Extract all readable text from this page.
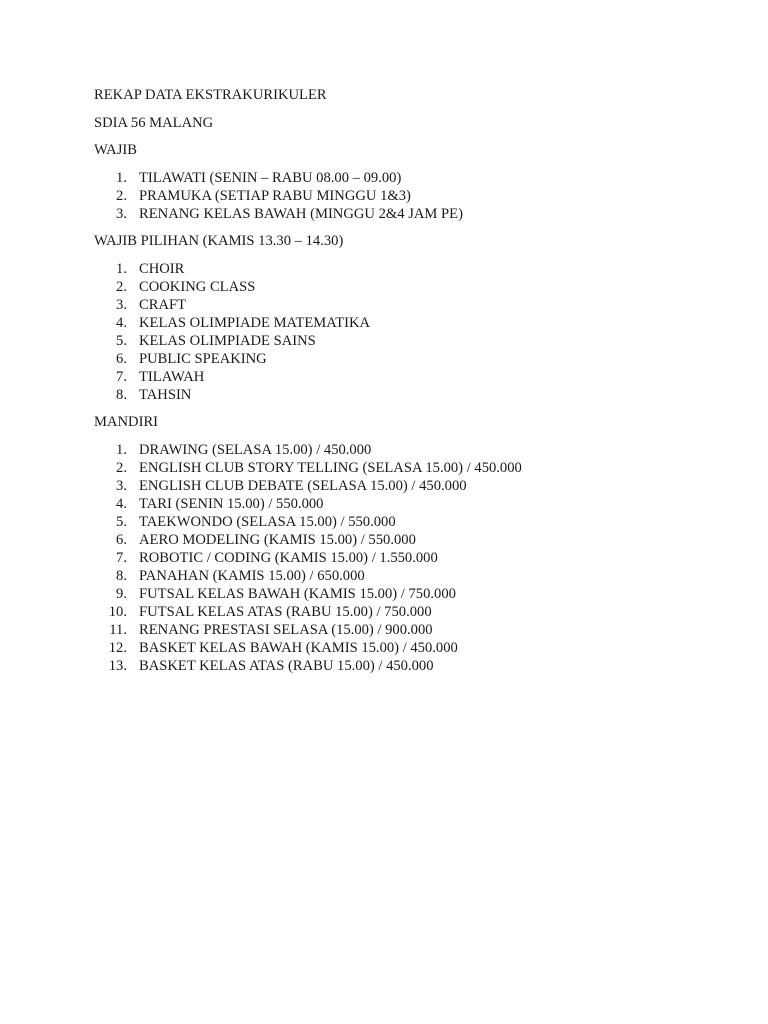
REKAP DATA EKSTRAKURIKULER

SDIA 56 MALANG

WAJIB

1. TILAWATI (SENIN – RABU 08.00 – 09.00)
2. PRAMUKA (SETIAP RABU MINGGU 1&3)
3. RENANG KELAS BAWAH (MINGGU 2&4 JAM PE)

WAJIB PILIHAN (KAMIS 13.30 – 14.30)

1. CHOIR
2. COOKING CLASS
3. CRAFT
4. KELAS OLIMPIADE MATEMATIKA
5. KELAS OLIMPIADE SAINS
6. PUBLIC SPEAKING
7. TILAWAH
8. TAHSIN

MANDIRI

1. DRAWING (SELASA 15.00) / 450.000
2. ENGLISH CLUB STORY TELLING (SELASA 15.00) / 450.000
3. ENGLISH CLUB DEBATE (SELASA 15.00) / 450.000
4. TARI (SENIN 15.00) / 550.000
5. TAEKWONDO (SELASA 15.00) / 550.000
6. AERO MODELING (KAMIS 15.00) / 550.000
7. ROBOTIC / CODING (KAMIS 15.00) / 1.550.000
8. PANAHAN (KAMIS 15.00) / 650.000
9. FUTSAL KELAS BAWAH (KAMIS 15.00) / 750.000
10. FUTSAL KELAS ATAS (RABU 15.00) / 750.000
11. RENANG PRESTASI SELASA (15.00) / 900.000
12. BASKET KELAS BAWAH (KAMIS 15.00) / 450.000
13. BASKET KELAS ATAS (RABU 15.00) / 450.000
